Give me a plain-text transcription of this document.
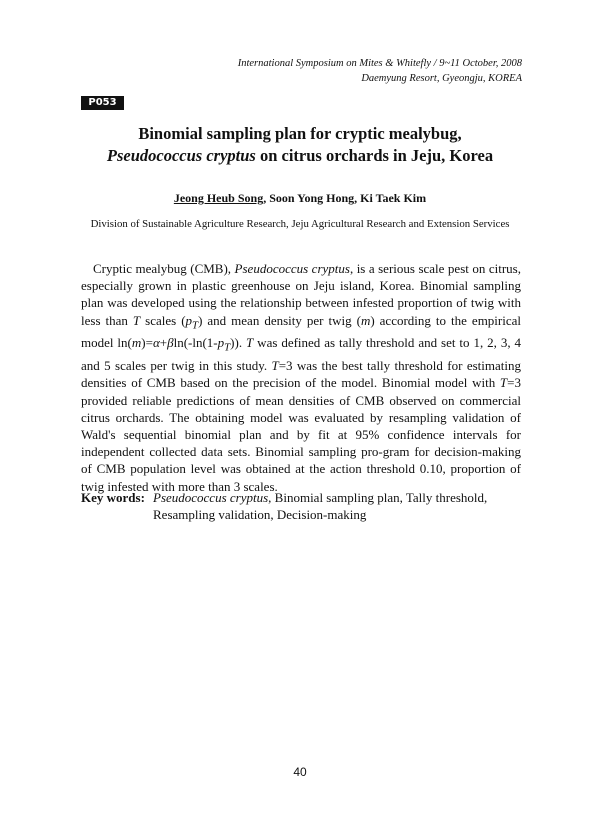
International Symposium on Mites & Whitefly / 9~11 October, 2008
Daemyung Resort, Gyeongju, KOREA
P053
Binomial sampling plan for cryptic mealybug,
Pseudococcus cryptus on citrus orchards in Jeju, Korea
Jeong Heub Song, Soon Yong Hong, Ki Taek Kim
Division of Sustainable Agriculture Research, Jeju Agricultural Research and Extension Services

Cryptic mealybug (CMB), Pseudococcus cryptus, is a serious scale pest on citrus, especially grown in plastic greenhouse on Jeju island, Korea. Binomial sampling plan was developed using the relationship between infested proportion of twig with less than T scales $(p_T)$ and mean density per twig (m) according to the empirical model $\ln(m)=\alpha+\beta\ln(-\ln(1-p_T))$. T was defined as tally threshold and set to 1, 2, 3, 4 and 5 scales per twig in this study. T=3 was the best tally threshold for estimating densities of CMB based on the precision of the model. Binomial model with T=3 provided reliable predictions of mean densities of CMB observed on commercial citrus orchards. The obtaining model was evaluated by resampling validation of Wald's sequential binomial plan and by fit at 95% confidence intervals for independent collected data sets. Binomial sampling pro-gram for decision-making of CMB population level was obtained at the action threshold 0.10, proportion of twig infested with more than 3 scales.

Key words: Pseudococcus cryptus, Binomial sampling plan, Tally threshold,
Resampling validation, Decision-making
40
